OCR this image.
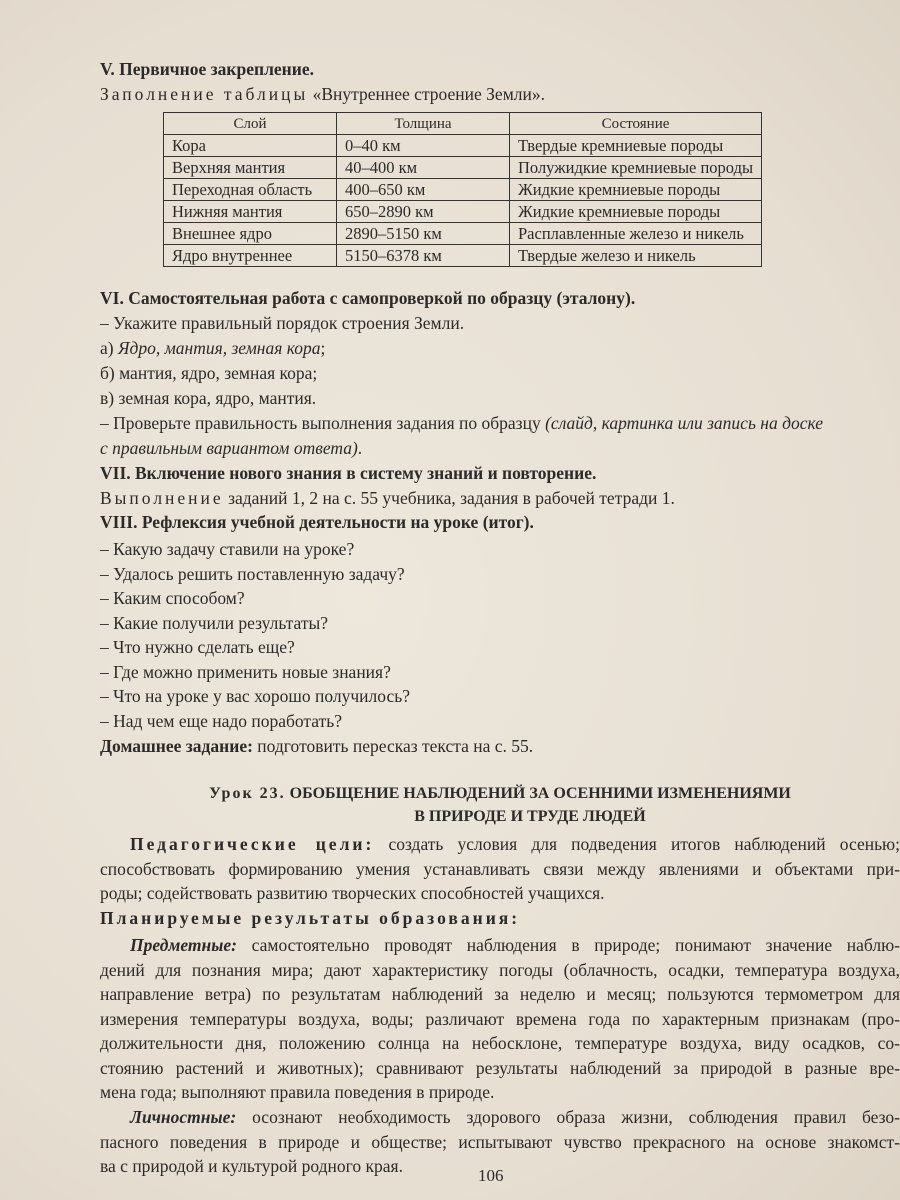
V. Первичное закрепление.
Заполнение таблицы «Внутреннее строение Земли».
Слой	Толщина	Состояние
Кора	0–40 км	Твердые кремниевые породы
Верхняя мантия	40–400 км	Полужидкие кремниевые породы
Переходная область	400–650 км	Жидкие кремниевые породы
Нижняя мантия	650–2890 км	Жидкие кремниевые породы
Внешнее ядро	2890–5150 км	Расплавленные железо и никель
Ядро внутреннее	5150–6378 км	Твердые железо и никель
VI. Самостоятельная работа с самопроверкой по образцу (эталону).
– Укажите правильный порядок строения Земли.
а) Ядро, мантия, земная кора;
б) мантия, ядро, земная кора;
в) земная кора, ядро, мантия.
– Проверьте правильность выполнения задания по образцу (слайд, картинка или запись на доске
с правильным вариантом ответа).
VII. Включение нового знания в систему знаний и повторение.
Выполнение заданий 1, 2 на с. 55 учебника, задания в рабочей тетради 1.
VIII. Рефлексия учебной деятельности на уроке (итог).
– Какую задачу ставили на уроке?
– Удалось решить поставленную задачу?
– Каким способом?
– Какие получили результаты?
– Что нужно сделать еще?
– Где можно применить новые знания?
– Что на уроке у вас хорошо получилось?
– Над чем еще надо поработать?
Домашнее задание: подготовить пересказ текста на с. 55.
Урок 23. ОБОБЩЕНИЕ НАБЛЮДЕНИЙ ЗА ОСЕННИМИ ИЗМЕНЕНИЯМИ
В ПРИРОДЕ И ТРУДЕ ЛЮДЕЙ
Педагогические цели: создать условия для подведения итогов наблюдений осенью;
способствовать формированию умения устанавливать связи между явлениями и объектами при-
роды; содействовать развитию творческих способностей учащихся.
Предметные: самостоятельно проводят наблюдения в природе; понимают значение наблю-
дений для познания мира; дают характеристику погоды (облачность, осадки, температура воздуха,
направление ветра) по результатам наблюдений за неделю и месяц; пользуются термометром для
измерения температуры воздуха, воды; различают времена года по характерным признакам (про-
должительности дня, положению солнца на небосклоне, температуре воздуха, виду осадков, со-
стоянию растений и животных); сравнивают результаты наблюдений за природой в разные вре-
мена года; выполняют правила поведения в природе.
Личностные: осознают необходимость здорового образа жизни, соблюдения правил безо-
пасного поведения в природе и обществе; испытывают чувство прекрасного на основе знакомст-
ва с природой и культурой родного края.
Планируемые результаты образования:
106
